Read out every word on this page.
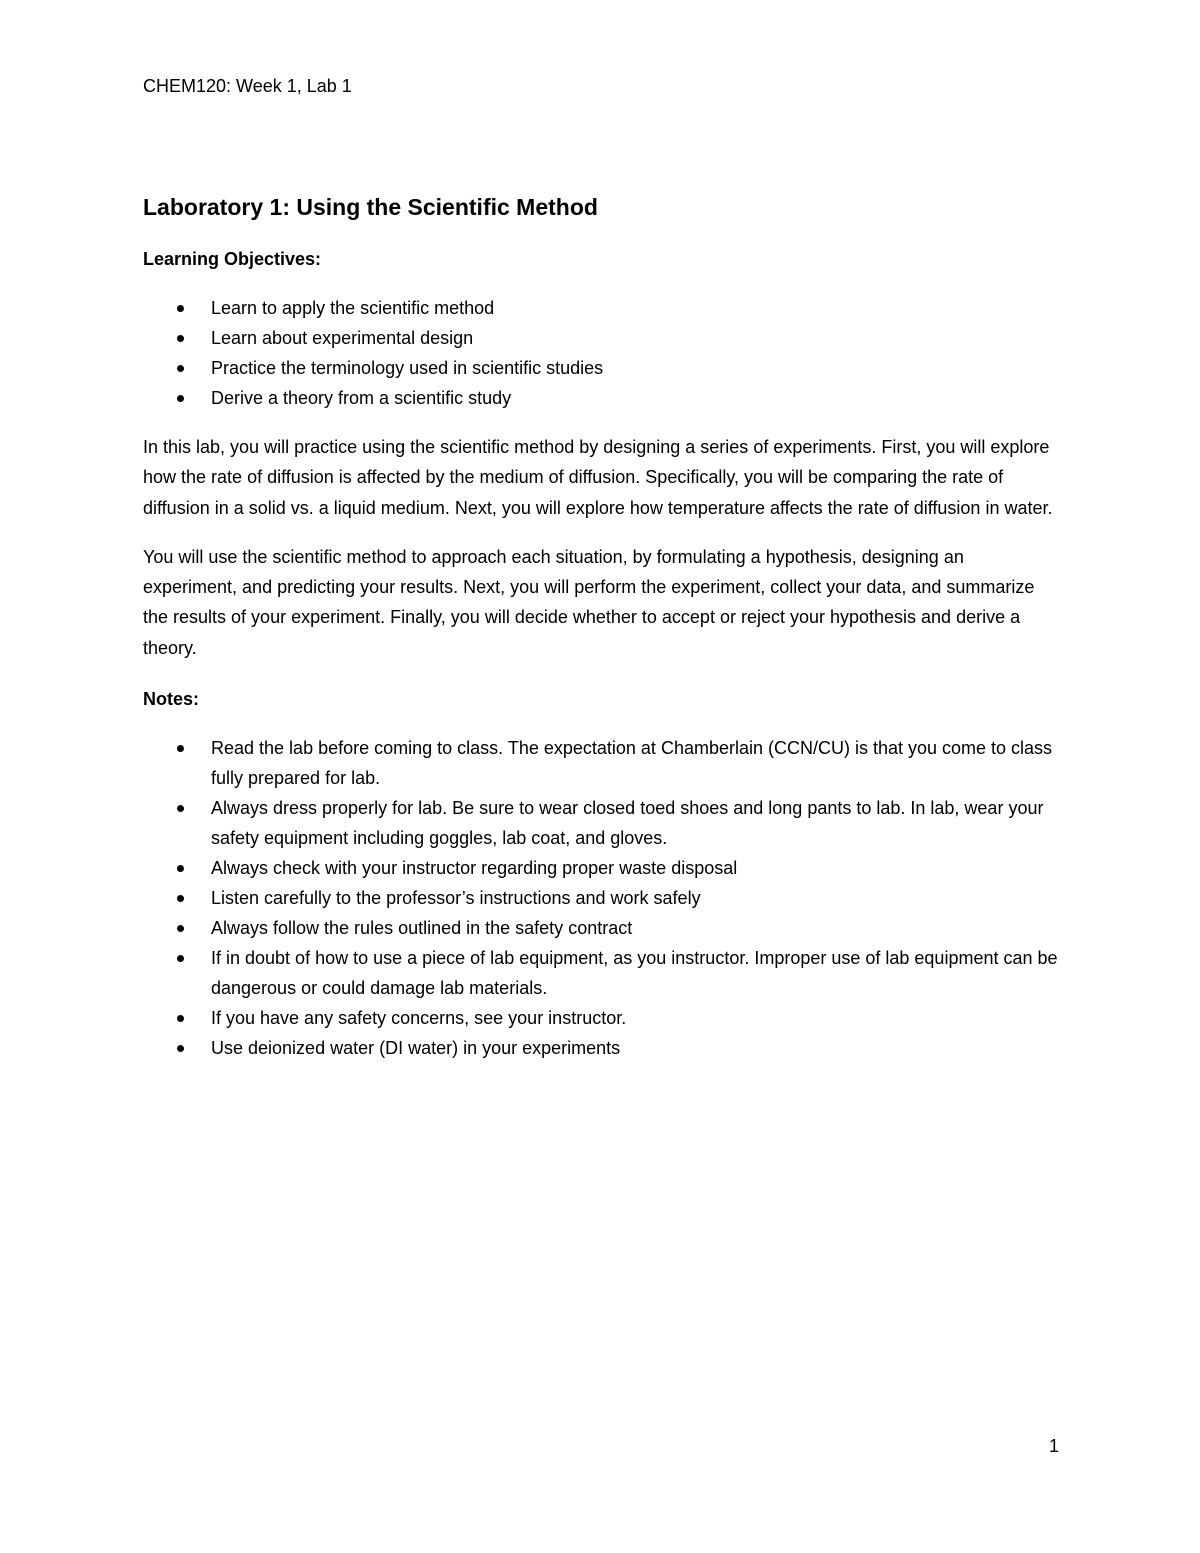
CHEM120: Week 1, Lab 1
Laboratory 1: Using the Scientific Method
Learning Objectives:
Learn to apply the scientific method
Learn about experimental design
Practice the terminology used in scientific studies
Derive a theory from a scientific study

In this lab, you will practice using the scientific method by designing a series of experiments. First, you will explore how the rate of diffusion is affected by the medium of diffusion. Specifically, you will be comparing the rate of diffusion in a solid vs. a liquid medium. Next, you will explore how temperature affects the rate of diffusion in water.

You will use the scientific method to approach each situation, by formulating a hypothesis, designing an experiment, and predicting your results. Next, you will perform the experiment, collect your data, and summarize the results of your experiment. Finally, you will decide whether to accept or reject your hypothesis and derive a theory.

Notes:
Read the lab before coming to class. The expectation at Chamberlain (CCN/CU) is that you come to class fully prepared for lab.
Always dress properly for lab. Be sure to wear closed toed shoes and long pants to lab. In lab, wear your safety equipment including goggles, lab coat, and gloves.
Always check with your instructor regarding proper waste disposal
Listen carefully to the professor’s instructions and work safely
Always follow the rules outlined in the safety contract
If in doubt of how to use a piece of lab equipment, as you instructor. Improper use of lab equipment can be dangerous or could damage lab materials.
If you have any safety concerns, see your instructor.
Use deionized water (DI water) in your experiments
1
